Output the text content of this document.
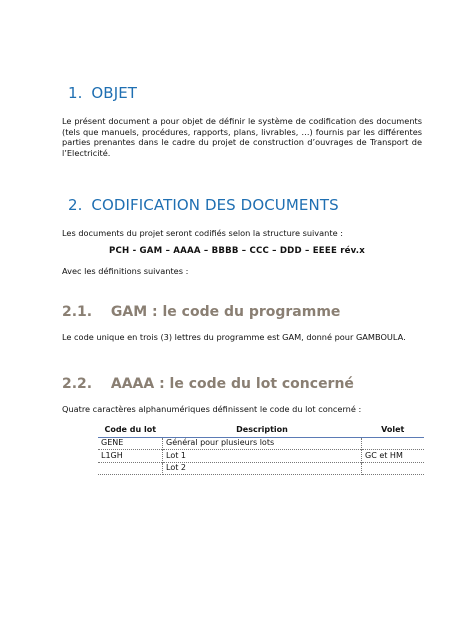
1. OBJET
Le présent document a pour objet de définir le système de codification des documents (tels que manuels, procédures, rapports, plans, livrables, …) fournis par les différentes parties prenantes dans le cadre du projet de construction d’ouvrages de Transport de l’Electricité.
2. CODIFICATION DES DOCUMENTS
Les documents du projet seront codifiés selon la structure suivante :
PCH - GAM – AAAA – BBBB – CCC – DDD – EEEE rév.x
Avec les définitions suivantes :
2.1. GAM : le code du programme
Le code unique en trois (3) lettres du programme est GAM, donné pour GAMBOULA.
2.2. AAAA : le code du lot concerné
Quatre caractères alphanumériques définissent le code du lot concerné :
Code du lot	Description	Volet
GENE	Général pour plusieurs lots	
L1GH	Lot 1	GC et HM
	Lot 2	
